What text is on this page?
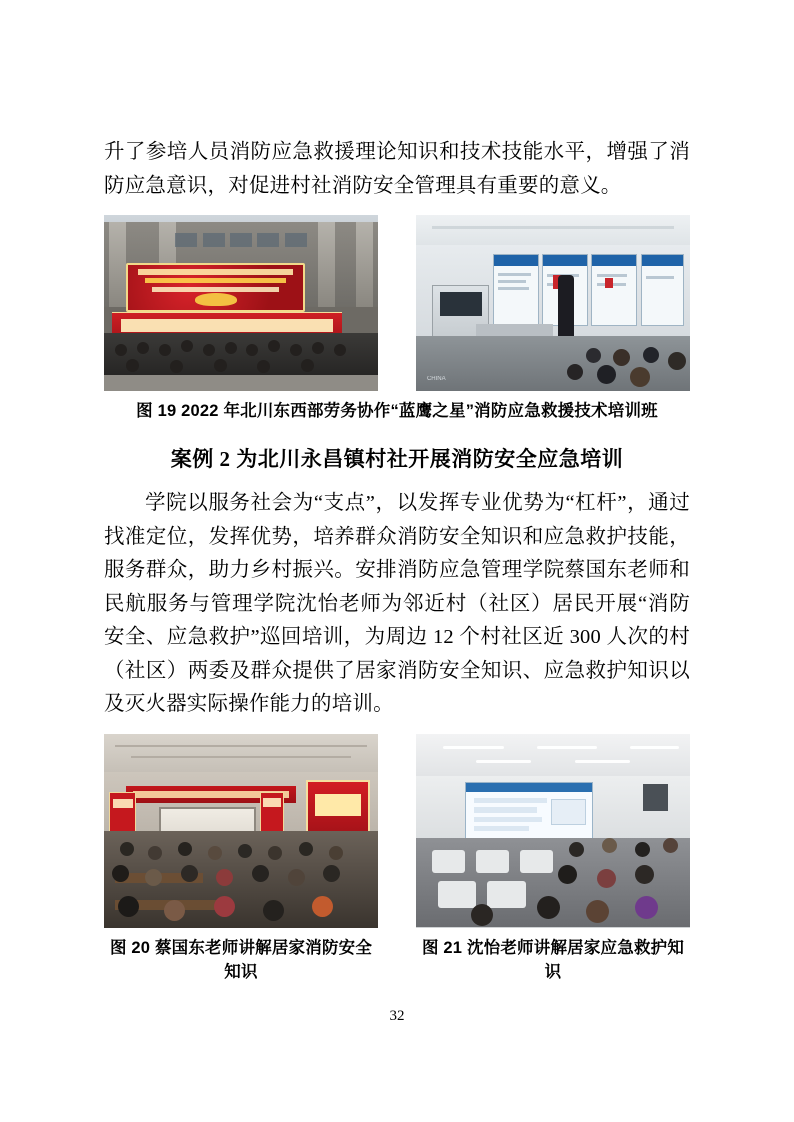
升了参培人员消防应急救援理论知识和技术技能水平，增强了消防应急意识，对促进村社消防安全管理具有重要的意义。

CHINA
图 19 2022 年北川东西部劳务协作“蓝鹰之星”消防应急救援技术培训班
案例 2 为北川永昌镇村社开展消防安全应急培训

学院以服务社会为“支点”，以发挥专业优势为“杠杆”，通过找准定位，发挥优势，培养群众消防安全知识和应急救护技能，服务群众，助力乡村振兴。安排消防应急管理学院蔡国东老师和民航服务与管理学院沈怡老师为邻近村（社区）居民开展“消防安全、应急救护”巡回培训，为周边 12 个村社区近 300 人次的村（社区）两委及群众提供了居家消防安全知识、应急救护知识以及灭火器实际操作能力的培训。

图 20 蔡国东老师讲解居家消防安全知识
图 21 沈怡老师讲解居家应急救护知识
32
